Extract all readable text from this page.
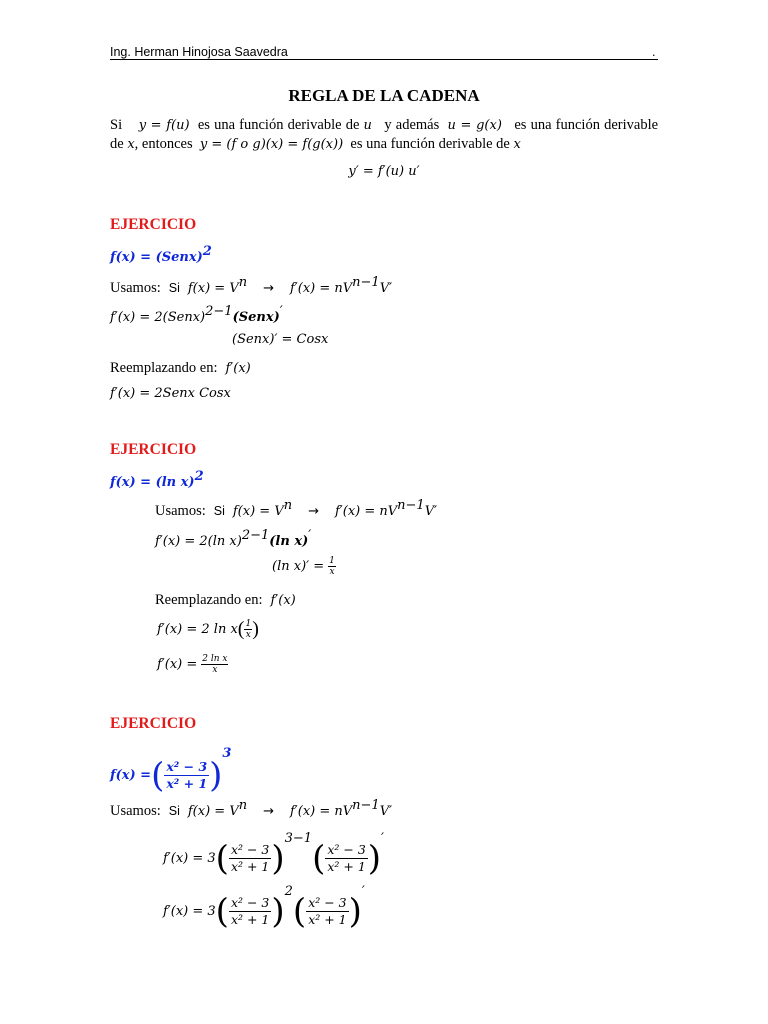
Ing. Herman Hinojosa Saavedra	.
REGLA DE LA CADENA
Si y = f(u) es una función derivable de u y además u = g(x) es una función derivable de x, entonces y = (f o g)(x) = f(g(x)) es una función derivable de x
y′ = f′(u) u′
EJERCICIO
f(x) = (Senx)$^2$
Usamos: Si $f(x) = V^n \to f'(x) = nV^{n-1}V'$
f′(x) = 2(Senx)$^{2-1}$(Senx)′
(Senx)′ = Cosx
Reemplazando en: f′(x)
f′(x) = 2Senx Cosx
EJERCICIO
f(x) = (ln x)$^2$
Usamos: Si $f(x) = V^n \to f'(x) = nV^{n-1}V'$
f′(x) = 2(ln x)$^{2-1}$(ln x)′
(ln $x)' = \frac{1}{x}$
Reemplazando en: f′(x)
f′(x) = 2 $\ln x( \frac{1}{x}$ )
$f'(x) = \frac{\text{2 ln x}}{x}$
EJERCICIO
f(x) =( $\frac{\text{x² − 3}}{\text{x² + 1}} )^3$
Usamos: Si $f(x) = V^n \to f'(x) = nV^{n-1}V'$
$f'(x) = 3( \frac{\text{x² − 3}}{\text{x² + 1}} )^{3-1}( \frac{\text{x² − 3}}{\text{x² + 1}} )'$
$f'(x) = 3( \frac{\text{x² − 3}}{\text{x² + 1}} )^2( \frac{\text{x² − 3}}{\text{x² + 1}} )'$
